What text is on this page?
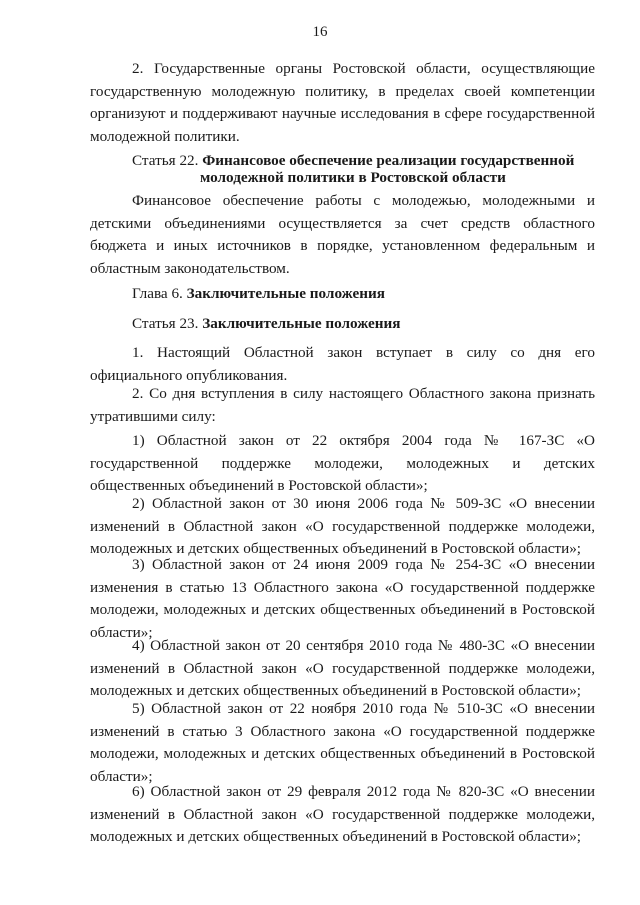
16

2. Государственные органы Ростовской области, осуществляющие государственную молодежную политику, в пределах своей компетенции организуют и поддерживают научные исследования в сфере государственной молодежной политики.

Статья 22. Финансовое обеспечение реализации государственной

молодежной политики в Ростовской области

Финансовое обеспечение работы с молодежью, молодежными и детскими объединениями осуществляется за счет средств областного бюджета и иных источников в порядке, установленном федеральным и областным законодательством.

Глава 6. Заключительные положения

Статья 23. Заключительные положения

1. Настоящий Областной закон вступает в силу со дня его официального опубликования.

2. Со дня вступления в силу настоящего Областного закона признать утратившими силу:

1) Областной закон от 22 октября 2004 года № 167-ЗС «О государственной поддержке молодежи, молодежных и детских общественных объединений в Ростовской области»;

2) Областной закон от 30 июня 2006 года № 509-ЗС «О внесении изменений в Областной закон «О государственной поддержке молодежи, молодежных и детских общественных объединений в Ростовской области»;

3) Областной закон от 24 июня 2009 года № 254-ЗС «О внесении изменения в статью 13 Областного закона «О государственной поддержке молодежи, молодежных и детских общественных объединений в Ростовской области»;

4) Областной закон от 20 сентября 2010 года № 480-ЗС «О внесении изменений в Областной закон «О государственной поддержке молодежи, молодежных и детских общественных объединений в Ростовской области»;

5) Областной закон от 22 ноября 2010 года № 510-ЗС «О внесении изменений в статью 3 Областного закона «О государственной поддержке молодежи, молодежных и детских общественных объединений в Ростовской области»;

6) Областной закон от 29 февраля 2012 года № 820-ЗС «О внесении изменений в Областной закон «О государственной поддержке молодежи, молодежных и детских общественных объединений в Ростовской области»;
